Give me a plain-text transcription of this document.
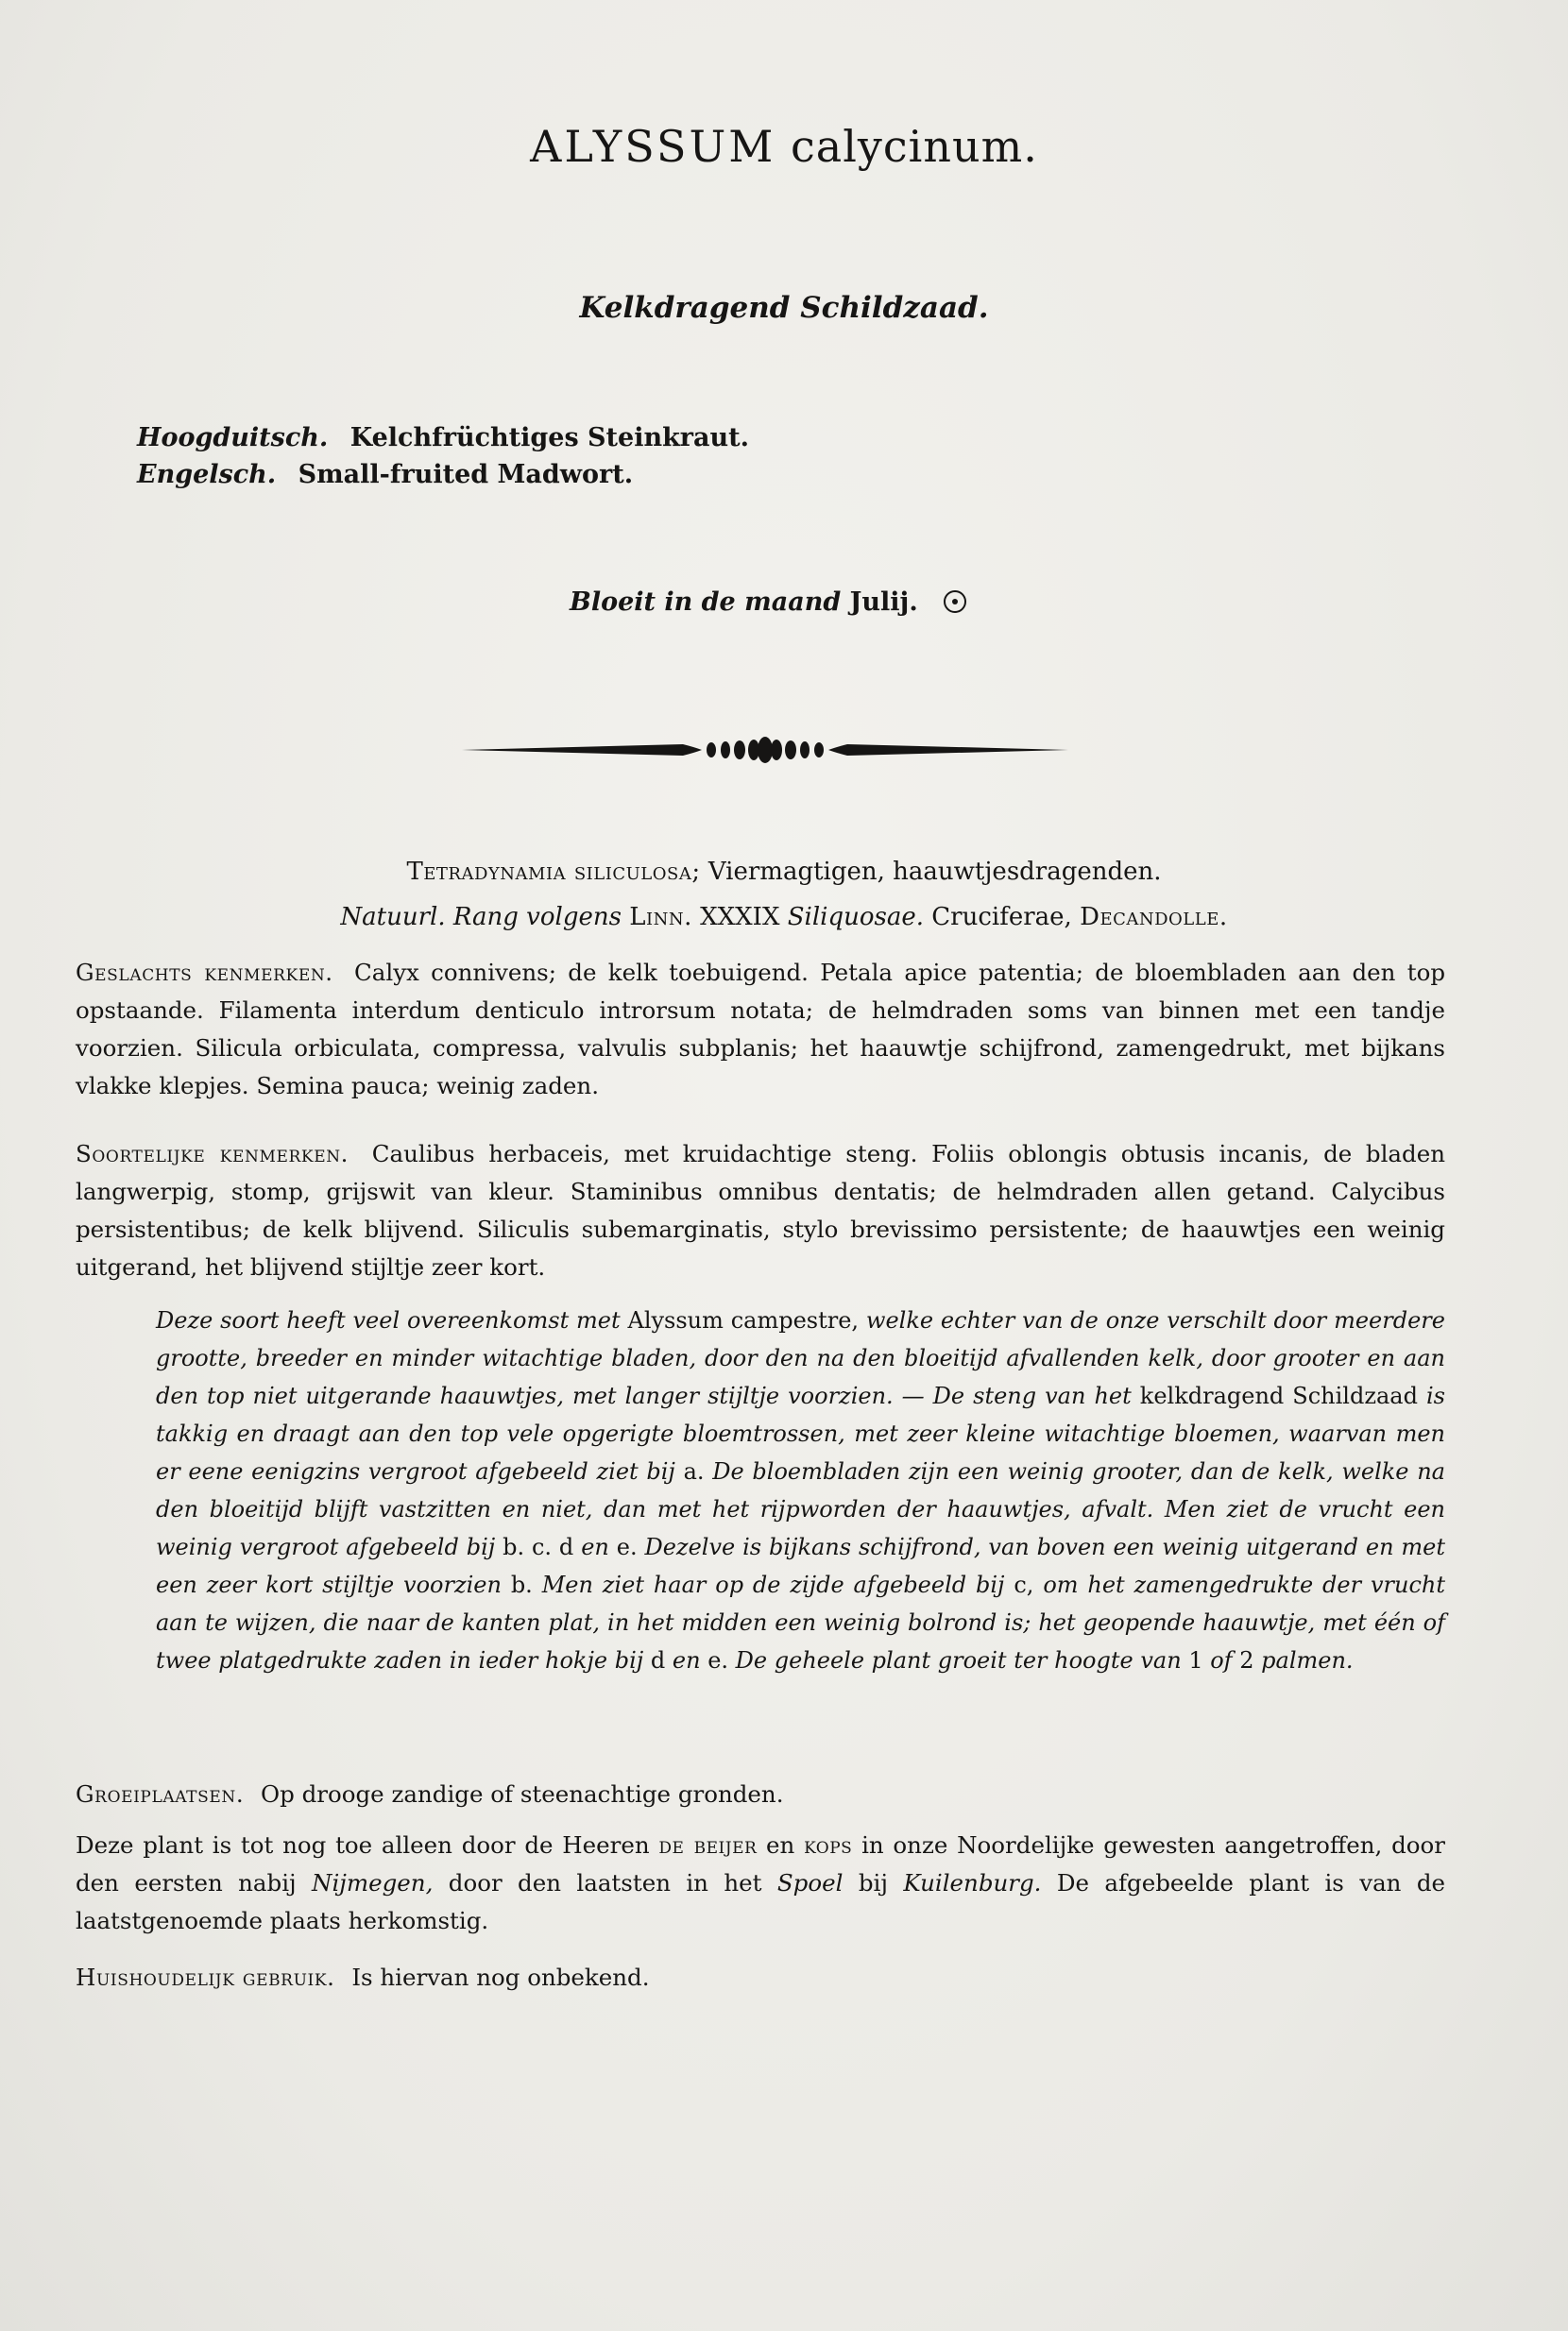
ALYSSUM calycinum.
Kelkdragend Schildzaad.
Hoogduitsch. Kelchfrüchtiges Steinkraut.
Engelsch. Small-fruited Madwort.
Bloeit in de maand Julij.
Tetradynamia siliculosa; Viermagtigen, haauwtjesdragenden.
Natuurl. Rang volgens Linn. XXXIX Siliquosae. Cruciferae, Decandolle.
Geslachts kenmerken. Calyx connivens; de kelk toebuigend. Petala apice patentia; de bloembladen aan den top opstaande. Filamenta interdum denticulo introrsum notata; de helmdraden soms van binnen met een tandje voorzien. Silicula orbiculata, compressa, valvulis subplanis; het haauwtje schijfrond, zamengedrukt, met bijkans vlakke klepjes. Semina pauca; weinig zaden.
Soortelijke kenmerken. Caulibus herbaceis, met kruidachtige steng. Foliis oblongis obtusis incanis, de bladen langwerpig, stomp, grijswit van kleur. Staminibus omnibus dentatis; de helmdraden allen getand. Calycibus persistentibus; de kelk blijvend. Siliculis subemarginatis, stylo brevissimo persistente; de haauwtjes een weinig uitgerand, het blijvend stijltje zeer kort.
Deze soort heeft veel overeenkomst met Alyssum campestre, welke echter van de onze verschilt door meerdere grootte, breeder en minder witachtige bladen, door den na den bloeitijd afvallenden kelk, door grooter en aan den top niet uitgerande haauwtjes, met langer stijltje voorzien. — De steng van het kelkdragend Schildzaad is takkig en draagt aan den top vele opgerigte bloemtrossen, met zeer kleine witachtige bloemen, waarvan men er eene eenigzins vergroot afgebeeld ziet bij a. De bloembladen zijn een weinig grooter, dan de kelk, welke na den bloeitijd blijft vastzitten en niet, dan met het rijpworden der haauwtjes, afvalt. Men ziet de vrucht een weinig vergroot afgebeeld bij b. c. d en e. Dezelve is bijkans schijfrond, van boven een weinig uitgerand en met een zeer kort stijltje voorzien b. Men ziet haar op de zijde afgebeeld bij c, om het zamengedrukte der vrucht aan te wijzen, die naar de kanten plat, in het midden een weinig bolrond is; het geopende haauwtje, met één of twee platgedrukte zaden in ieder hokje bij d en e. De geheele plant groeit ter hoogte van 1 of 2 palmen.
Groeiplaatsen. Op drooge zandige of steenachtige gronden.
Deze plant is tot nog toe alleen door de Heeren de beijer en kops in onze Noordelijke gewesten aangetroffen, door den eersten nabij Nijmegen, door den laatsten in het Spoel bij Kuilenburg. De afgebeelde plant is van de laatstgenoemde plaats herkomstig.
Huishoudelijk gebruik. Is hiervan nog onbekend.
